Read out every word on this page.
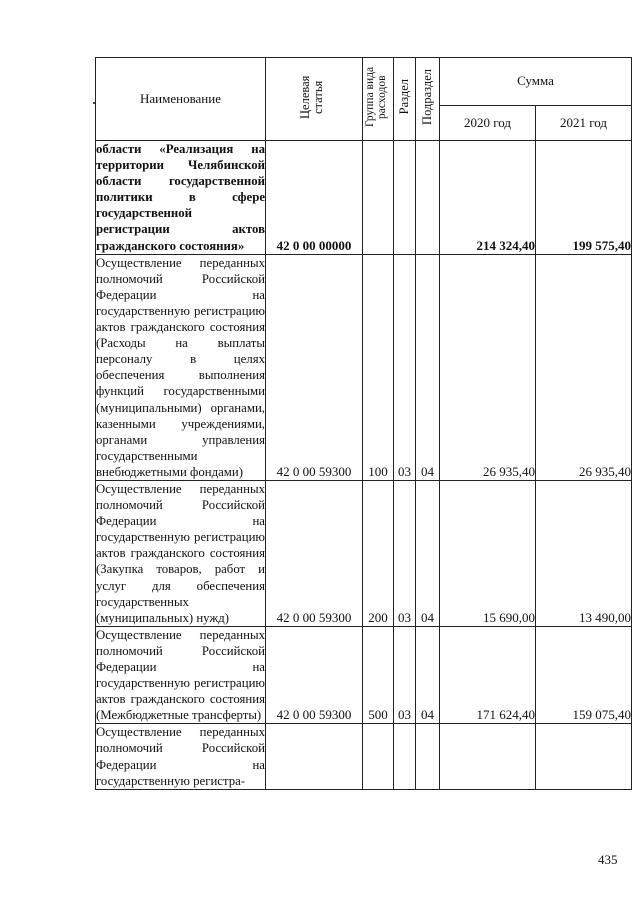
Наименование	Целевая статья	Группа вида расходов	Раздел	Подраздел	Сумма	
					2020 год	2021 год

области «Реализация на территории Челябинской области государственной политики в сфере государственной регистрации актов гражданского состояния»	42 0 00 00000				214 324,40	199 575,40

Осуществление переданных полномочий Российской Федерации на государственную регистрацию актов гражданского состояния (Расходы на выплаты персоналу в целях обеспечения выполнения функций государственными (муниципальными) органами, казенными учреждениями, органами управления государственными внебюджетными фондами)	42 0 00 59300	100	03	04	26 935,40	26 935,40

Осуществление переданных полномочий Российской Федерации на государственную регистрацию актов гражданского состояния (Закупка товаров, работ и услуг для обеспечения государственных (муниципальных) нужд)	42 0 00 59300	200	03	04	15 690,00	13 490,00

Осуществление переданных полномочий Российской Федерации на государственную регистрацию актов гражданского состояния (Межбюджетные трансферты)	42 0 00 59300	500	03	04	171 624,40	159 075,40

Осуществление переданных полномочий Российской Федерации на государственную регистра-						

435
